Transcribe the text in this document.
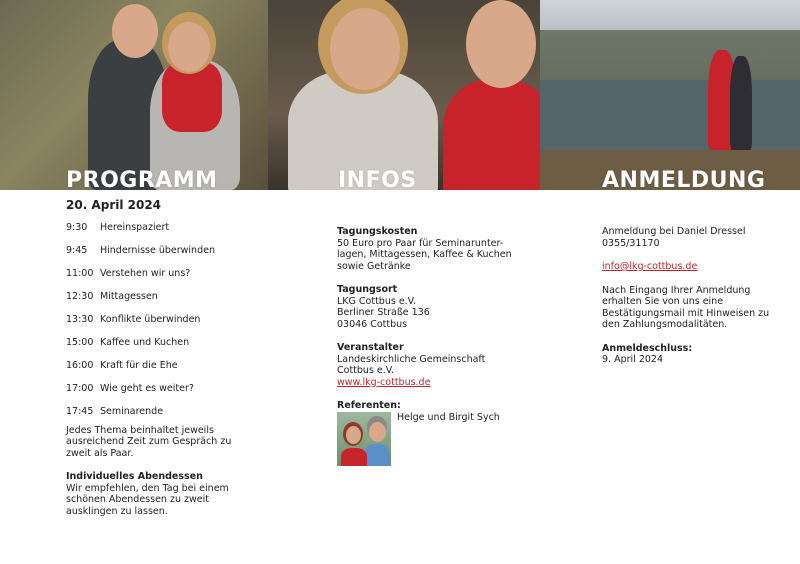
PROGRAMM	INFOS	ANMELDUNG
20. April 2024
9:30	Hereinspaziert
9:45	Hindernisse überwinden
11:00 Verstehen wir uns?
12:30 Mittagessen
13:30 Konflikte überwinden
15:00 Kaffee und Kuchen
16:00 Kraft für die Ehe
17:00 Wie geht es weiter?
17:45 Seminarende
Jedes Thema beinhaltet jeweils ausreichend Zeit zum Gespräch zu zweit als Paar.
Individuelles Abendessen
Wir empfehlen, den Tag bei einem schönen Abendessen zu zweit ausklingen zu lassen.
Tagungskosten
50 Euro pro Paar für Seminarunter-
lagen, Mittagessen, Kaffee & Kuchen
sowie Getränke
Tagungsort
LKG Cottbus e.V.
Berliner Straße 136
03046 Cottbus
Veranstalter
Landeskirchliche Gemeinschaft
Cottbus e.V.
www.lkg-cottbus.de
Referenten:
Helge und Birgit Sych
Anmeldung bei Daniel Dressel
0355/31170
info@lkg-cottbus.de
Nach Eingang Ihrer Anmeldung
erhalten Sie von uns eine
Bestätigungsmail mit Hinweisen zu
den Zahlungsmodalitäten.
Anmeldeschluss:
9. April 2024
